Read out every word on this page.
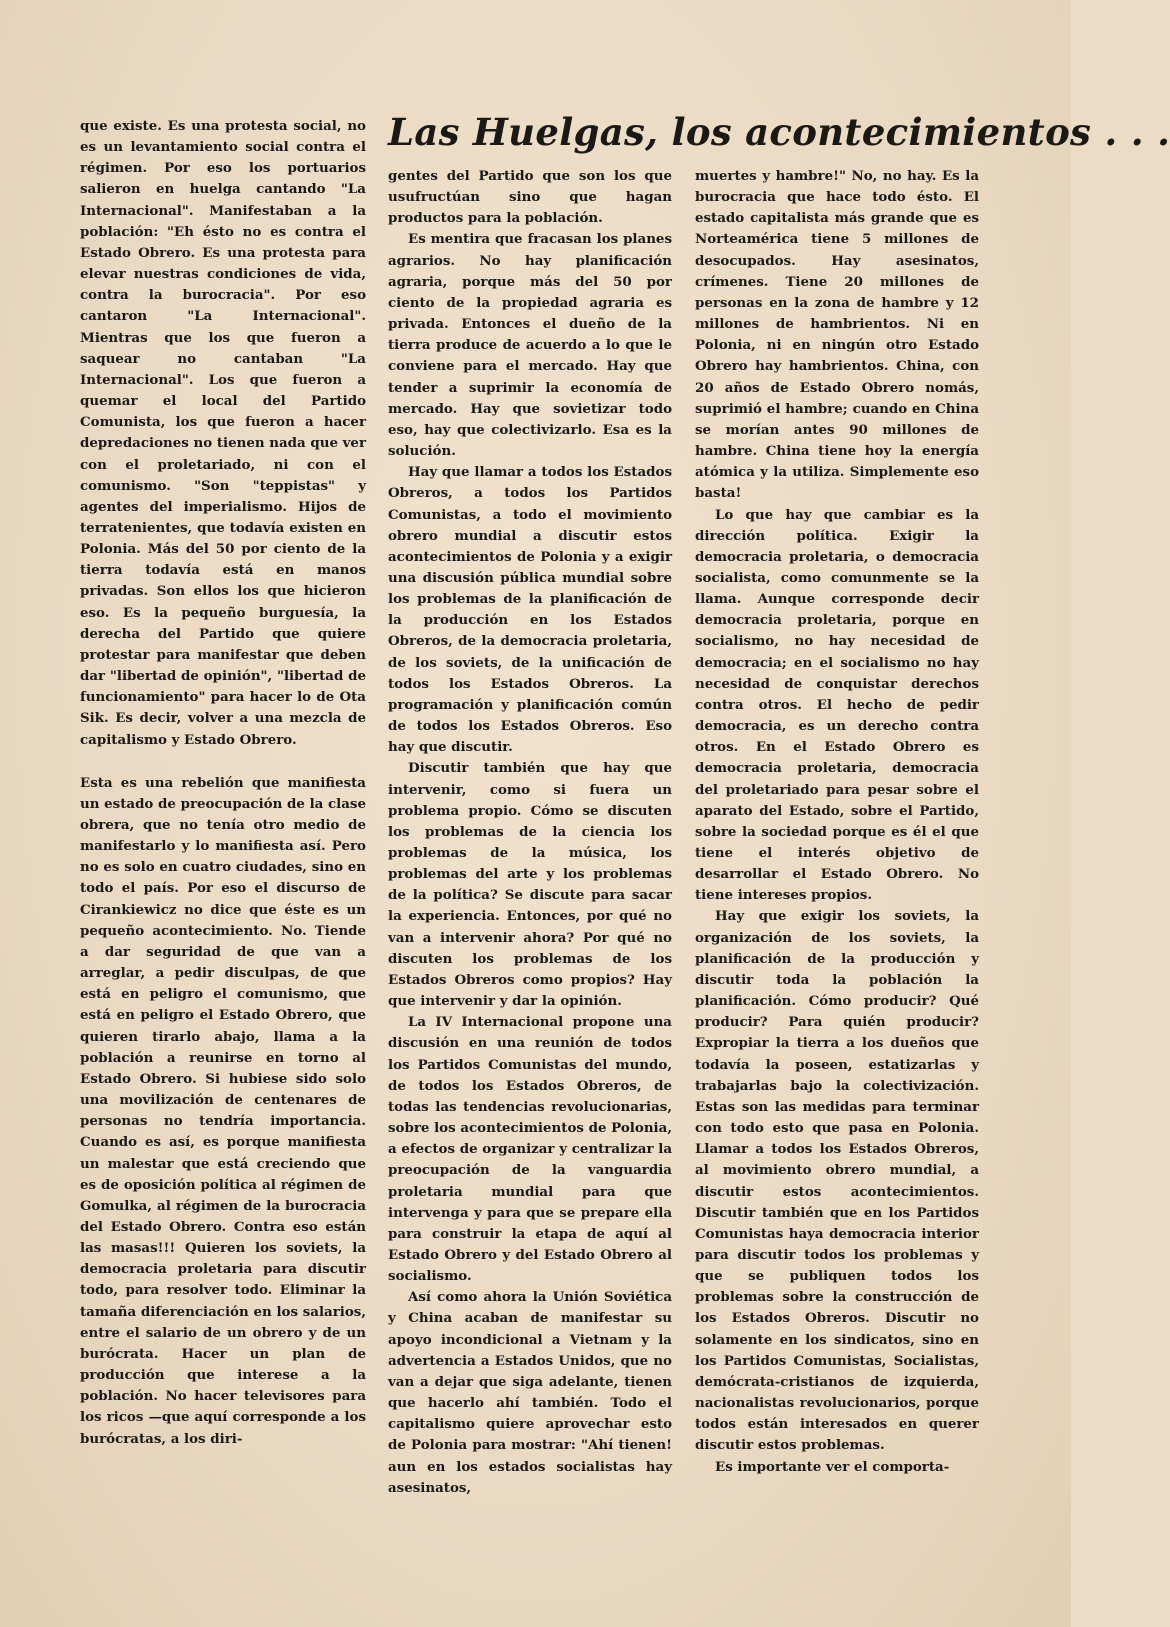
Las Huelgas, los acontecimientos . . .

que existe. Es una protesta social, no es un levantamiento social contra el régimen. Por eso los portuarios salieron en huelga cantando "La Internacional". Manifestaban a la población: "Eh ésto no es contra el Estado Obrero. Es una protesta para elevar nuestras condiciones de vida, contra la burocracia". Por eso cantaron "La Internacional". Mientras que los que fueron a saquear no cantaban "La Internacional". Los que fueron a quemar el local del Partido Comunista, los que fueron a hacer depredaciones no tienen nada que ver con el proletariado, ni con el comunismo. "Son "teppistas" y agentes del imperialismo. Hijos de terratenientes, que todavía existen en Polonia. Más del 50 por ciento de la tierra todavía está en manos privadas. Son ellos los que hicieron eso. Es la pequeño burguesía, la derecha del Partido que quiere protestar para manifestar que deben dar "libertad de opinión", "libertad de funcionamiento" para hacer lo de Ota Sik. Es decir, volver a una mezcla de capitalismo y Estado Obrero.

Esta es una rebelión que manifiesta un estado de preocupación de la clase obrera, que no tenía otro medio de manifestarlo y lo manifiesta así. Pero no es solo en cuatro ciudades, sino en todo el país. Por eso el discurso de Cirankiewicz no dice que éste es un pequeño acontecimiento. No. Tiende a dar seguridad de que van a arreglar, a pedir disculpas, de que está en peligro el comunismo, que está en peligro el Estado Obrero, que quieren tirarlo abajo, llama a la población a reunirse en torno al Estado Obrero. Si hubiese sido solo una movilización de centenares de personas no tendría importancia. Cuando es así, es porque manifiesta un malestar que está creciendo que es de oposición política al régimen de Gomulka, al régimen de la burocracia del Estado Obrero. Contra eso están las masas!!! Quieren los soviets, la democracia proletaria para discutir todo, para resolver todo. Eliminar la tamaña diferenciación en los salarios, entre el salario de un obrero y de un burócrata. Hacer un plan de producción que interese a la población. No hacer televisores para los ricos —que aquí corresponde a los burócratas, a los diri-

gentes del Partido que son los que usufructúan sino que hagan productos para la población.

Es mentira que fracasan los planes agrarios. No hay planificación agraria, porque más del 50 por ciento de la propiedad agraria es privada. Entonces el dueño de la tierra produce de acuerdo a lo que le conviene para el mercado. Hay que tender a suprimir la economía de mercado. Hay que sovietizar todo eso, hay que colectivizarlo. Esa es la solución.

Hay que llamar a todos los Estados Obreros, a todos los Partidos Comunistas, a todo el movimiento obrero mundial a discutir estos acontecimientos de Polonia y a exigir una discusión pública mundial sobre los problemas de la planificación de la producción en los Estados Obreros, de la democracia proletaria, de los soviets, de la unificación de todos los Estados Obreros. La programación y planificación común de todos los Estados Obreros. Eso hay que discutir.

Discutir también que hay que intervenir, como si fuera un problema propio. Cómo se discuten los problemas de la ciencia los problemas de la música, los problemas del arte y los problemas de la política? Se discute para sacar la experiencia. Entonces, por qué no van a intervenir ahora? Por qué no discuten los problemas de los Estados Obreros como propios? Hay que intervenir y dar la opinión.

La IV Internacional propone una discusión en una reunión de todos los Partidos Comunistas del mundo, de todos los Estados Obreros, de todas las tendencias revolucionarias, sobre los acontecimientos de Polonia, a efectos de organizar y centralizar la preocupación de la vanguardia proletaria mundial para que intervenga y para que se prepare ella para construir la etapa de aquí al Estado Obrero y del Estado Obrero al socialismo.

Así como ahora la Unión Soviética y China acaban de manifestar su apoyo incondicional a Vietnam y la advertencia a Estados Unidos, que no van a dejar que siga adelante, tienen que hacerlo ahí también. Todo el capitalismo quiere aprovechar esto de Polonia para mostrar: "Ahí tienen! aun en los estados socialistas hay asesinatos,

muertes y hambre!" No, no hay. Es la burocracia que hace todo ésto. El estado capitalista más grande que es Norteamérica tiene 5 millones de desocupados. Hay asesinatos, crímenes. Tiene 20 millones de personas en la zona de hambre y 12 millones de hambrientos. Ni en Polonia, ni en ningún otro Estado Obrero hay hambrientos. China, con 20 años de Estado Obrero nomás, suprimió el hambre; cuando en China se morían antes 90 millones de hambre. China tiene hoy la energía atómica y la utiliza. Simplemente eso basta!

Lo que hay que cambiar es la dirección política. Exigir la democracia proletaria, o democracia socialista, como comunmente se la llama. Aunque corresponde decir democracia proletaria, porque en socialismo, no hay necesidad de democracia; en el socialismo no hay necesidad de conquistar derechos contra otros. El hecho de pedir democracia, es un derecho contra otros. En el Estado Obrero es democracia proletaria, democracia del proletariado para pesar sobre el aparato del Estado, sobre el Partido, sobre la sociedad porque es él el que tiene el interés objetivo de desarrollar el Estado Obrero. No tiene intereses propios.

Hay que exigir los soviets, la organización de los soviets, la planificación de la producción y discutir toda la población la planificación. Cómo producir? Qué producir? Para quién producir? Expropiar la tierra a los dueños que todavía la poseen, estatizarlas y trabajarlas bajo la colectivización. Estas son las medidas para terminar con todo esto que pasa en Polonia. Llamar a todos los Estados Obreros, al movimiento obrero mundial, a discutir estos acontecimientos. Discutir también que en los Partidos Comunistas haya democracia interior para discutir todos los problemas y que se publiquen todos los problemas sobre la construcción de los Estados Obreros. Discutir no solamente en los sindicatos, sino en los Partidos Comunistas, Socialistas, demócrata-cristianos de izquierda, nacionalistas revolucionarios, porque todos están interesados en querer discutir estos problemas.

Es importante ver el comporta-
